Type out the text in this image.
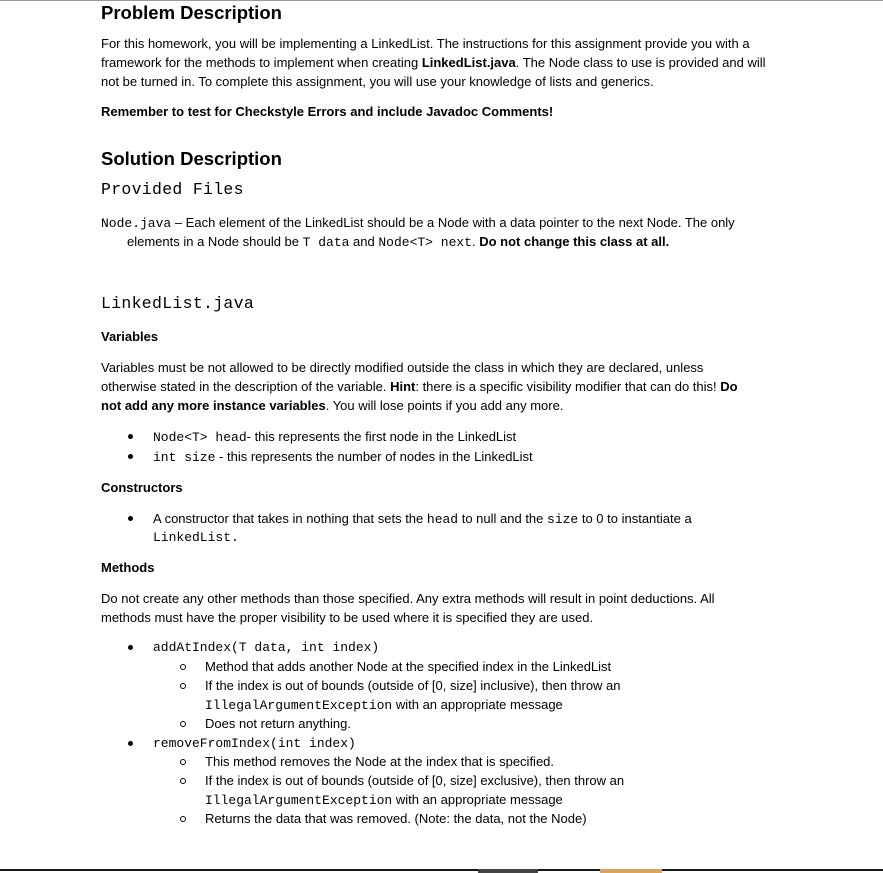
Problem Description

For this homework, you will be implementing a LinkedList. The instructions for this assignment provide you with a
framework for the methods to implement when creating LinkedList.java. The Node class to use is provided and will
not be turned in. To complete this assignment, you will use your knowledge of lists and generics.

Remember to test for Checkstyle Errors and include Javadoc Comments!
Solution Description
Provided Files
Node.java – Each element of the LinkedList should be a Node with a data pointer to the next Node. The only
elements in a Node should be T data and Node<T> next. Do not change this class at all.
LinkedList.java
Variables

Variables must be not allowed to be directly modified outside the class in which they are declared, unless
otherwise stated in the description of the variable. Hint: there is a specific visibility modifier that can do this! Do
not add any more instance variables. You will lose points if you add any more.

Node<T> head- this represents the first node in the LinkedList
int size - this represents the number of nodes in the LinkedList
Constructors
A constructor that takes in nothing that sets the head to null and the size to 0 to instantiate a
LinkedList.
Methods

Do not create any other methods than those specified. Any extra methods will result in point deductions. All
methods must have the proper visibility to be used where it is specified they are used.

addAtIndex(T data, int index)
Method that adds another Node at the specified index in the LinkedList
If the index is out of bounds (outside of [0, size] inclusive), then throw an
IllegalArgumentException with an appropriate message
Does not return anything.
removeFromIndex(int index)
This method removes the Node at the index that is specified.
If the index is out of bounds (outside of [0, size] exclusive), then throw an
IllegalArgumentException with an appropriate message
Returns the data that was removed. (Note: the data, not the Node)
